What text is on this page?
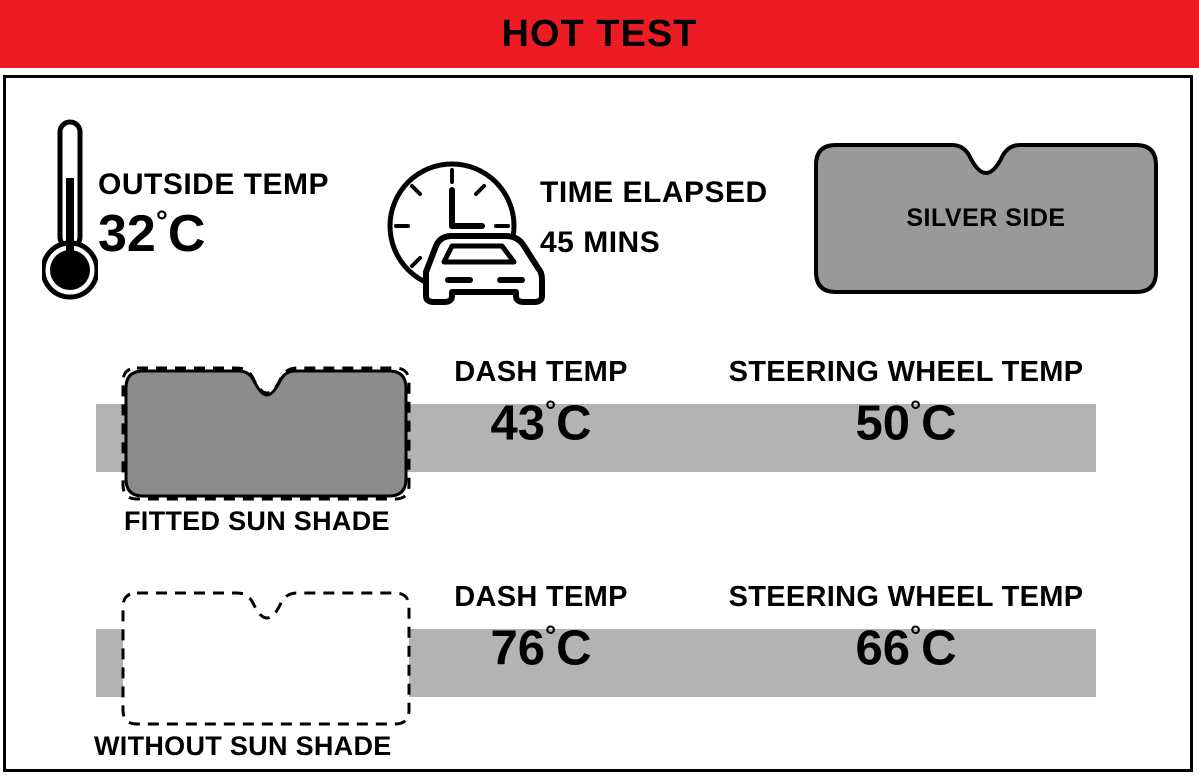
HOT TEST
OUTSIDE TEMP
32°C
TIME ELAPSED
45 MINS
SILVER SIDE
FITTED SUN SHADE
DASH TEMP
43°C
STEERING WHEEL TEMP
50°C
WITHOUT SUN SHADE
DASH TEMP
76°C
STEERING WHEEL TEMP
66°C
